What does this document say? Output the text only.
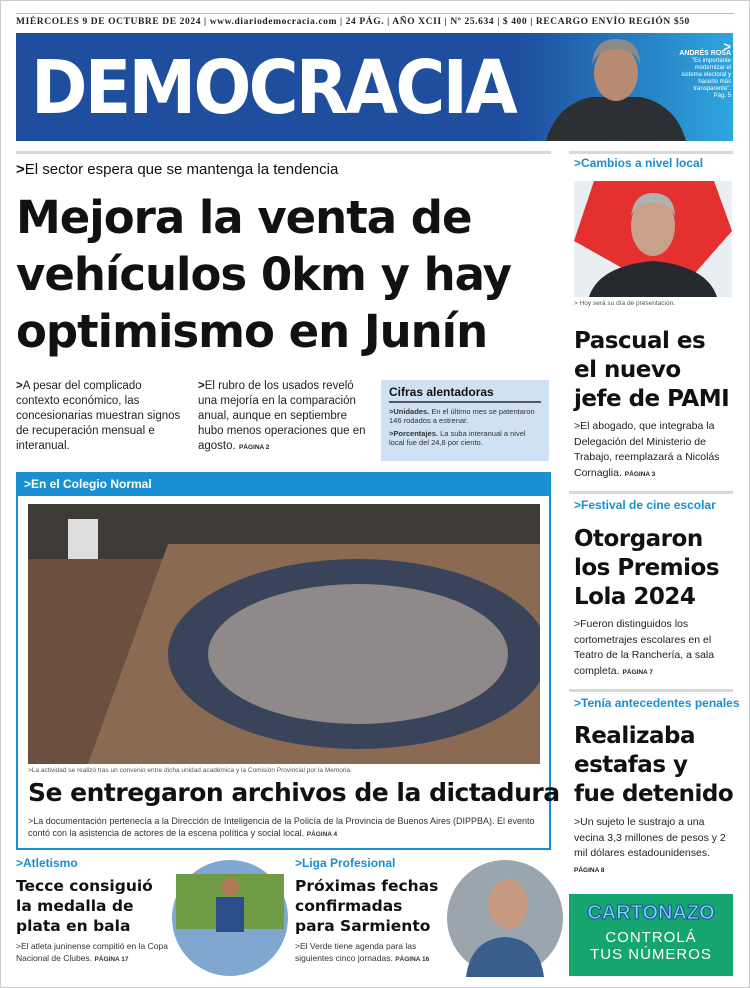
MIÉRCOLES 9 DE OCTUBRE DE 2024 | www.diariodemocracia.com | 24 PÁG. | AÑO XCII | Nº 25.634 | $ 400 | RECARGO ENVÍO REGIÓN $50
DEMOCRACIA	>
ANDRÉS ROSA
"Es importante modernizar el sistema electoral y hacerlo más transparente".
Pág. 5
>El sector espera que se mantenga la tendencia
Mejora la venta de vehículos 0km y hay optimismo en Junín
>A pesar del complicado contexto económico, las concesionarias muestran signos de recuperación mensual e interanual.
>El rubro de los usados reveló una mejoría en la comparación anual, aunque en septiembre hubo menos operaciones que en agosto. PÁGINA 2
Cifras alentadoras
>Unidades. En el último mes se patentaron 146 rodados a estrenar.
>Porcentajes. La suba interanual a nivel local fue del 24,8 por ciento.
>En el Colegio Normal
>La actividad se realizó tras un convenio entre dicha unidad académica y la Comisión Provincial por la Memoria.
Se entregaron archivos de la dictadura
>La documentación pertenecía a la Dirección de Inteligencia de la Policía de la Provincia de Buenos Aires (DIPPBA). El evento contó con la asistencia de actores de la escena política y social local. PÁGINA 4
>Atletismo
Tecce consiguió la medalla de plata en bala
>El atleta juninense compitió en la Copa Nacional de Clubes. PÁGINA 17
>Liga Profesional
Próximas fechas confirmadas para Sarmiento
>El Verde tiene agenda para las siguientes cinco jornadas. PÁGINA 16
>Cambios a nivel local
> Hoy será su día de presentación.
Pascual es el nuevo jefe de PAMI
>El abogado, que integraba la Delegación del Ministerio de Trabajo, reemplazará a Nicolás Cornaglia. PÁGINA 3
>Festival de cine escolar
Otorgaron los Premios Lola 2024
>Fueron distinguidos los cortometrajes escolares en el Teatro de la Ranchería, a sala completa. PÁGINA 7
>Tenía antecedentes penales
Realizaba estafas y fue detenido
>Un sujeto le sustrajo a una vecina 3,3 millones de pesos y 2 mil dólares estadounidenses. PÁGINA 8
CARTONAZO
CONTROLÁ
TUS NÚMEROS
